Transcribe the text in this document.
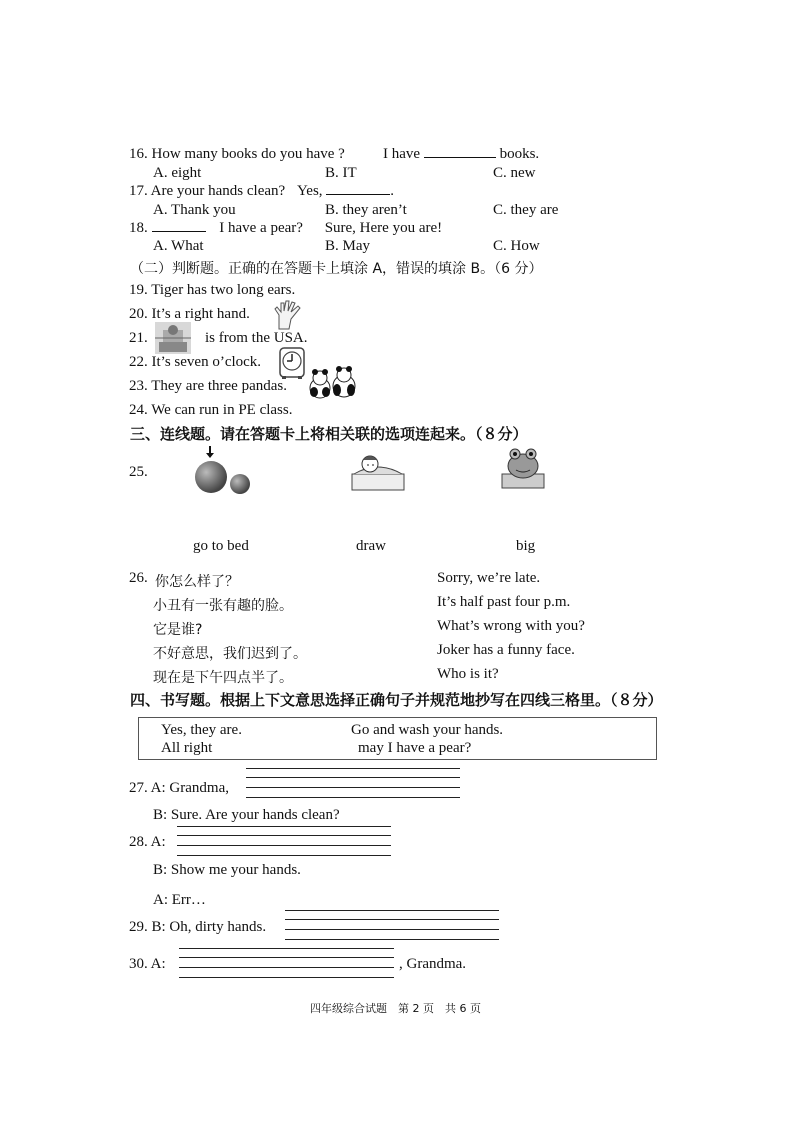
16. How many books do you have ?	I have	books.
A. eight	B. IT	C. new
17. Are your hands clean? Yes,	.
A. Thank you	B. they aren’t	C. they are
18.	I have a pear? Sure, Here you are!
A. What	B. May	C. How
（二）判断题。正确的在答题卡上填涂 A，错误的填涂 B。（6 分）
19. Tiger has two long ears.
20. It’s a right hand.
21.	is from the USA.
22. It’s seven o’clock.
23. They are three pandas.
24. We can run in PE class.
三、连线题。请在答题卡上将相关联的选项连起来。（８分）
25.
go to bed	draw	big
26. 你怎么样了？
小丑有一张有趣的脸。
它是谁?
不好意思，我们迟到了。
现在是下午四点半了。
Sorry, we’re late.
It’s half past four p.m.
What’s wrong with you?
Joker has a funny face.
Who is it?
四、书写题。根据上下文意思选择正确句子并规范地抄写在四线三格里。（８分）
Yes, they are.	Go and wash your hands.
All right	may I have a pear?
27. A: Grandma,
B: Sure. Are your hands clean?
28. A:
B: Show me your hands.
A: Err…
29. B: Oh, dirty hands.
30. A:	, Grandma.
四年级综合试题　第 2 页　共 6 页
